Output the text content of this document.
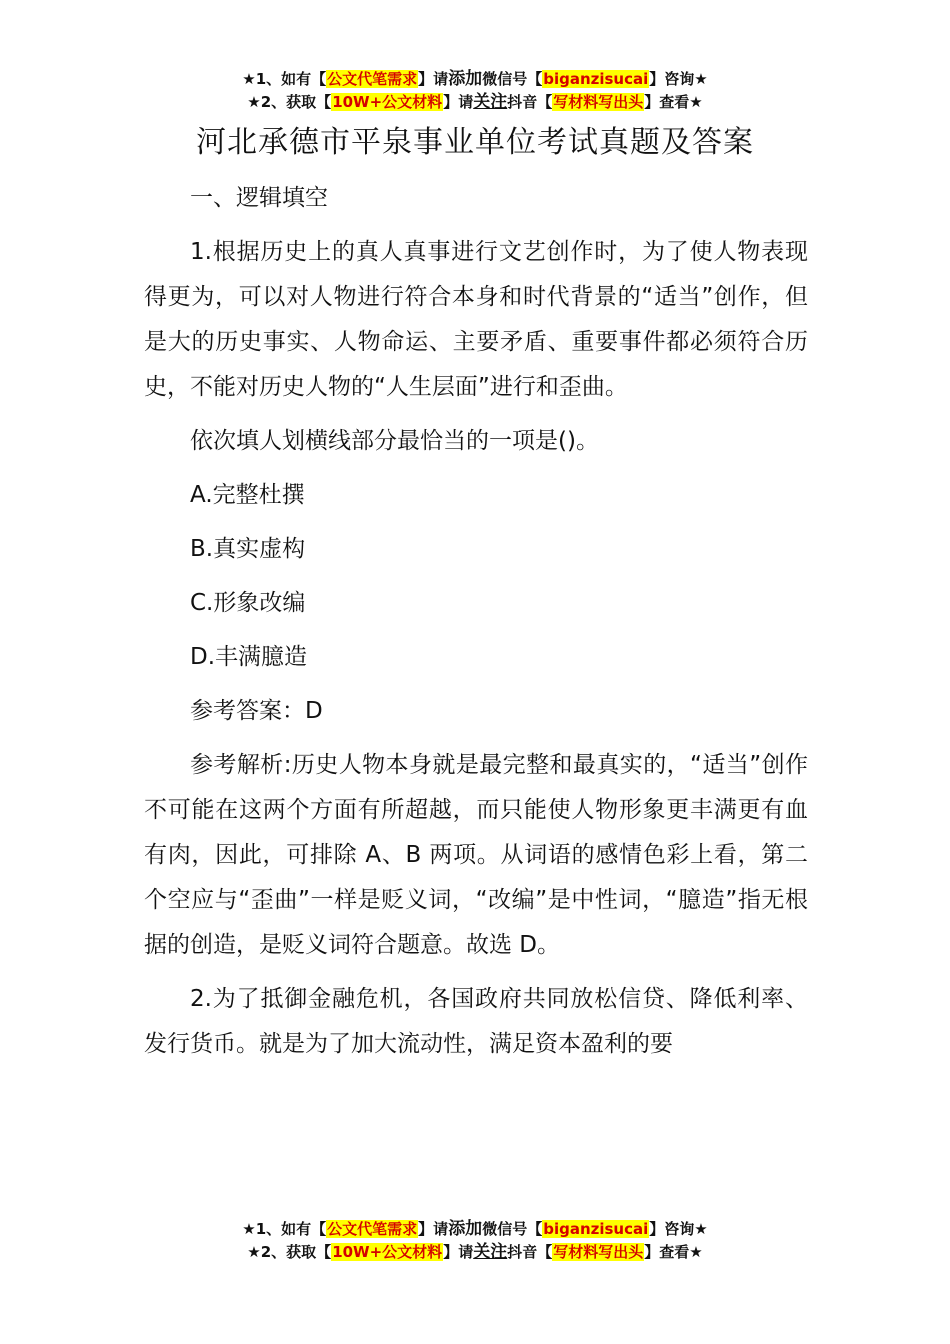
★1、如有【公文代笔需求】请添加微信号【biganzisucai】咨询★
★2、获取【10W+公文材料】请关注抖音【写材料写出头】查看★
河北承德市平泉事业单位考试真题及答案

一、逻辑填空

1.根据历史上的真人真事进行文艺创作时，为了使人物表现得更为，可以对人物进行符合本身和时代背景的“适当”创作，但是大的历史事实、人物命运、主要矛盾、重要事件都必须符合历史，不能对历史人物的“人生层面”进行和歪曲。

依次填人划横线部分最恰当的一项是()。

A.完整杜撰

B.真实虚构

C.形象改编

D.丰满臆造

参考答案：D

参考解析:历史人物本身就是最完整和最真实的，“适当”创作不可能在这两个方面有所超越，而只能使人物形象更丰满更有血有肉，因此，可排除 A、B 两项。从词语的感情色彩上看，第二个空应与“歪曲”一样是贬义词，“改编”是中性词，“臆造”指无根据的创造，是贬义词符合题意。故选 D。

2.为了抵御金融危机，各国政府共同放松信贷、降低利率、发行货币。就是为了加大流动性，满足资本盈利的要

★1、如有【公文代笔需求】请添加微信号【biganzisucai】咨询★
★2、获取【10W+公文材料】请关注抖音【写材料写出头】查看★
